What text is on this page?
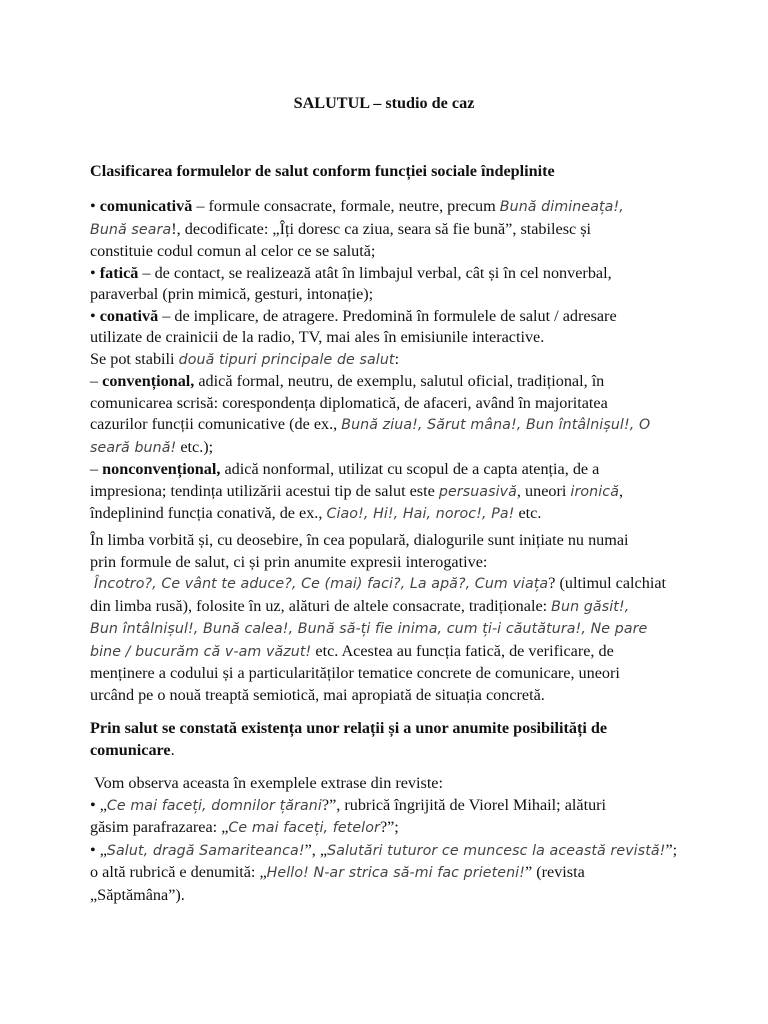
SALUTUL – studio de caz
Clasificarea formulelor de salut conform funcției sociale îndeplinite
• comunicativă – formule consacrate, formale, neutre, precum Bună dimineața!,
Bună seara!, decodificate: „Îți doresc ca ziua, seara să fie bună”, stabilesc și
constituie codul comun al celor ce se salută;
• fatică – de contact, se realizează atât în limbajul verbal, cât și în cel nonverbal,
paraverbal (prin mimică, gesturi, intonație);
• conativă – de implicare, de atragere. Predomină în formulele de salut / adresare
utilizate de crainicii de la radio, TV, mai ales în emisiunile interactive.
Se pot stabili două tipuri principale de salut:
– convențional, adică formal, neutru, de exemplu, salutul oficial, tradițional, în
comunicarea scrisă: corespondența diplomatică, de afaceri, având în majoritatea
cazurilor funcții comunicative (de ex., Bună ziua!, Sărut mâna!, Bun întâlnișul!, O
seară bună! etc.);
– nonconvențional, adică nonformal, utilizat cu scopul de a capta atenția, de a
impresiona; tendința utilizării acestui tip de salut este persuasivă, uneori ironică,
îndeplinind funcția conativă, de ex., Ciao!, Hi!, Hai, noroc!, Pa! etc.
În limba vorbită și, cu deosebire, în cea populară, dialogurile sunt inițiate nu numai
prin formule de salut, ci și prin anumite expresii interogative:
Încotro?, Ce vânt te aduce?, Ce (mai) faci?, La apă?, Cum viața? (ultimul calchiat
din limba rusă), folosite în uz, alături de altele consacrate, tradiționale: Bun găsit!,
Bun întâlnișul!, Bună calea!, Bună să-ți fie inima, cum ți-i căutătura!, Ne pare
bine / bucurăm că v-am văzut! etc. Acestea au funcția fatică, de verificare, de
menținere a codului și a particularităților tematice concrete de comunicare, uneori
urcând pe o nouă treaptă semiotică, mai apropiată de situația concretă.
Prin salut se constată existența unor relații și a unor anumite posibilități de
comunicare.
Vom observa aceasta în exemplele extrase din reviste:
• „Ce mai faceți, domnilor țărani?”, rubrică îngrijită de Viorel Mihail; alături
găsim parafrazarea: „Ce mai faceți, fetelor?”;
• „Salut, dragă Samariteanca!”, „Salutări tuturor ce muncesc la această revistă!”;
o altă rubrică e denumită: „Hello! N-ar strica să-mi fac prieteni!” (revista
„Săptămâna”).
